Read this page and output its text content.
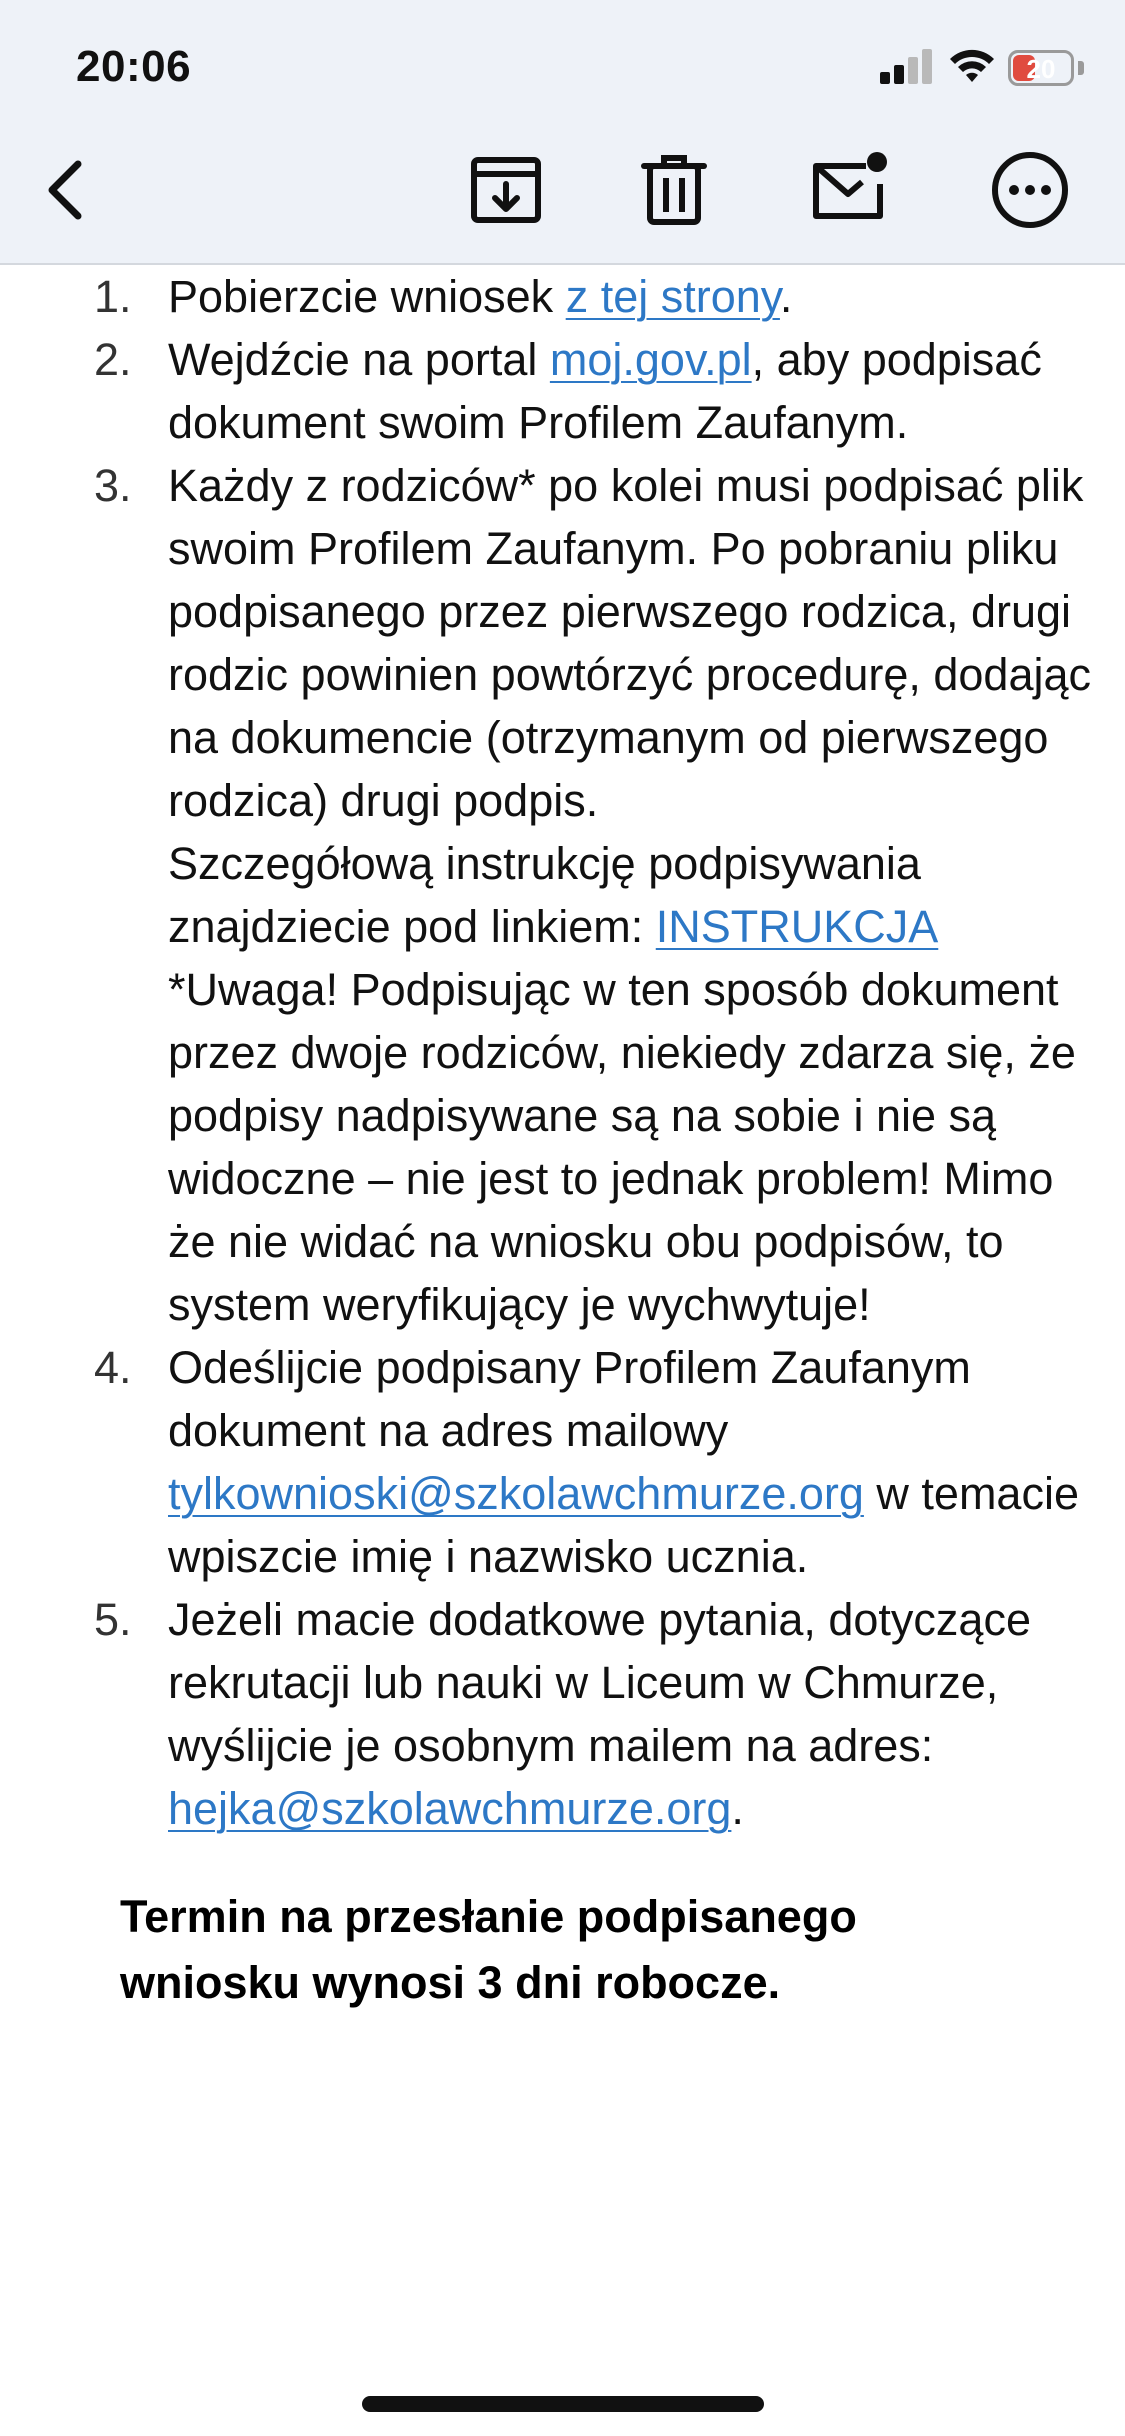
20:06	20
1. Pobierzcie wniosek z tej strony.
2. Wejdźcie na portal moj.gov.pl, aby podpisać dokument swoim Profilem Zaufanym.
3. Każdy z rodziców* po kolei musi podpisać plik swoim Profilem Zaufanym. Po pobraniu pliku podpisanego przez pierwszego rodzica, drugi rodzic powinien powtórzyć procedurę, dodając na dokumencie (otrzymanym od pierwszego rodzica) drugi podpis.
Szczegółową instrukcję podpisywania znajdziecie pod linkiem: INSTRUKCJA
*Uwaga! Podpisując w ten sposób dokument przez dwoje rodziców, niekiedy zdarza się, że podpisy nadpisywane są na sobie i nie są widoczne – nie jest to jednak problem! Mimo że nie widać na wniosku obu podpisów, to system weryfikujący je wychwytuje!
4. Odeślijcie podpisany Profilem Zaufanym dokument na adres mailowy tylkownioski@szkolawchmurze.org w temacie wpiszcie imię i nazwisko ucznia.
5. Jeżeli macie dodatkowe pytania, dotyczące rekrutacji lub nauki w Liceum w Chmurze, wyślijcie je osobnym mailem na adres: hejka@szkolawchmurze.org.

Termin na przesłanie podpisanego wniosku wynosi 3 dni robocze.
